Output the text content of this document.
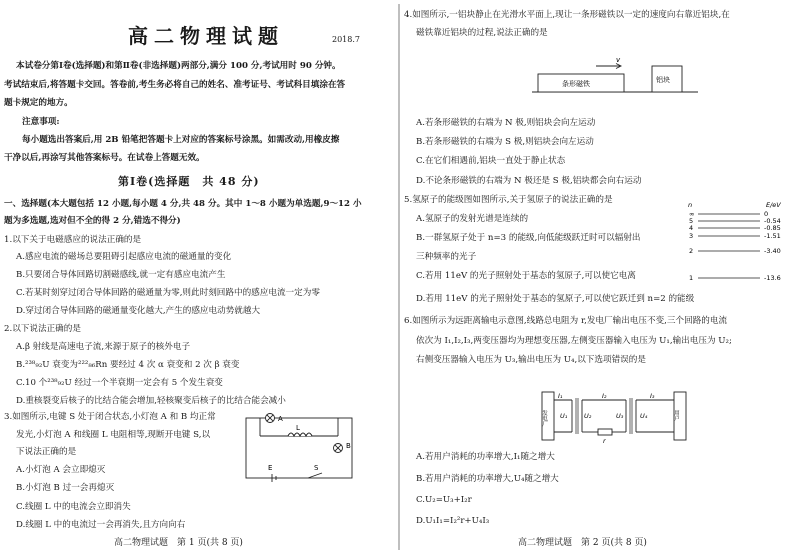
高二物理试题	2018.7
本试卷分第Ⅰ卷(选择题)和第Ⅱ卷(非选择题)两部分,满分 100 分,考试用时 90 分钟。
考试结束后,将答题卡交回。答卷前,考生务必将自己的姓名、准考证号、考试科目填涂在答
题卡规定的地方。
注意事项:
每小题选出答案后,用 2B 铅笔把答题卡上对应的答案标号涂黑。如需改动,用橡皮擦
干净以后,再涂写其他答案标号。在试卷上答题无效。
第Ⅰ卷(选择题　共 48 分)
一、选择题(本大题包括 12 小题,每小题 4 分,共 48 分。其中 1～8 小题为单选题,9～12 小
题为多选题,选对但不全的得 2 分,错选不得分)
1.以下关于电磁感应的说法正确的是
A.感应电流的磁场总要阻碍引起感应电流的磁通量的变化
B.只要闭合导体回路切割磁感线,就一定有感应电流产生
C.若某时刻穿过闭合导体回路的磁通量为零,则此时刻回路中的感应电流一定为零
D.穿过闭合导体回路的磁通量变化越大,产生的感应电动势就越大
2.以下说法正确的是
A.β 射线是高速电子流,来源于原子的核外电子
B.²³⁸₉₂U 衰变为²²²₈₆Rn 要经过 4 次 α 衰变和 2 次 β 衰变
C.10 个²³⁸₉₂U 经过一个半衰期一定会有 5 个发生衰变
D.重核裂变后核子的比结合能会增加,轻核聚变后核子的比结合能会减小
3.如图所示,电键 S 处于闭合状态,小灯泡 A 和 B 均正常
发光,小灯泡 A 和线圈 L 电阻相等,现断开电键 S,以
下说法正确的是
A.小灯泡 A 会立即熄灭
B.小灯泡 B 过一会再熄灭
C.线圈 L 中的电流会立即消失
D.线圈 L 中的电流过一会再消失,且方向向右
A
L
B
E	S
高二物理试题　第 1 页(共 8 页)
4.如图所示,一铝块静止在光滑水平面上,现让一条形磁铁以一定的速度向右靠近铝块,在
磁铁靠近铝块的过程,说法正确的是
条形磁铁	铝块
v
A.若条形磁铁的右端为 N 极,则铝块会向左运动
B.若条形磁铁的右端为 S 极,则铝块会向左运动
C.在它们相遇前,铝块一直处于静止状态
D.不论条形磁铁的右端为 N 极还是 S 极,铝块都会向右运动
5.氢原子的能级图如图所示,关于氢原子的说法正确的是
A.氢原子的发射光谱是连续的
B.一群氢原子处于 n=3 的能级,向低能级跃迁时可以辐射出
三种频率的光子
C.若用 11eV 的光子照射处于基态的氢原子,可以使它电离
D.若用 11eV 的光子照射处于基态的氢原子,可以使它跃迁到 n=2 的能级
n	E/eV
∞	0
5	-0.54
4	-0.85
3	-1.51
2	-3.40
1	-13.6
6.如图所示为远距离输电示意图,线路总电阻为 r,发电厂输出电压不变,三个回路的电流
依次为 I₁,I₂,I₃,两变压器均为理想变压器,左侧变压器输入电压为 U₁,输出电压为 U₂;
右侧变压器输入电压为 U₃,输出电压为 U₄,以下选项错误的是
发电厂	用户
I₁	I₂	I₃
U₁	U₂	U₃	U₄
r
A.若用户消耗的功率增大,I₁随之增大
B.若用户消耗的功率增大,U₄随之增大
C.U₂=U₃+I₂r
D.U₁I₁=I₂²r+U₄I₃
高二物理试题　第 2 页(共 8 页)
